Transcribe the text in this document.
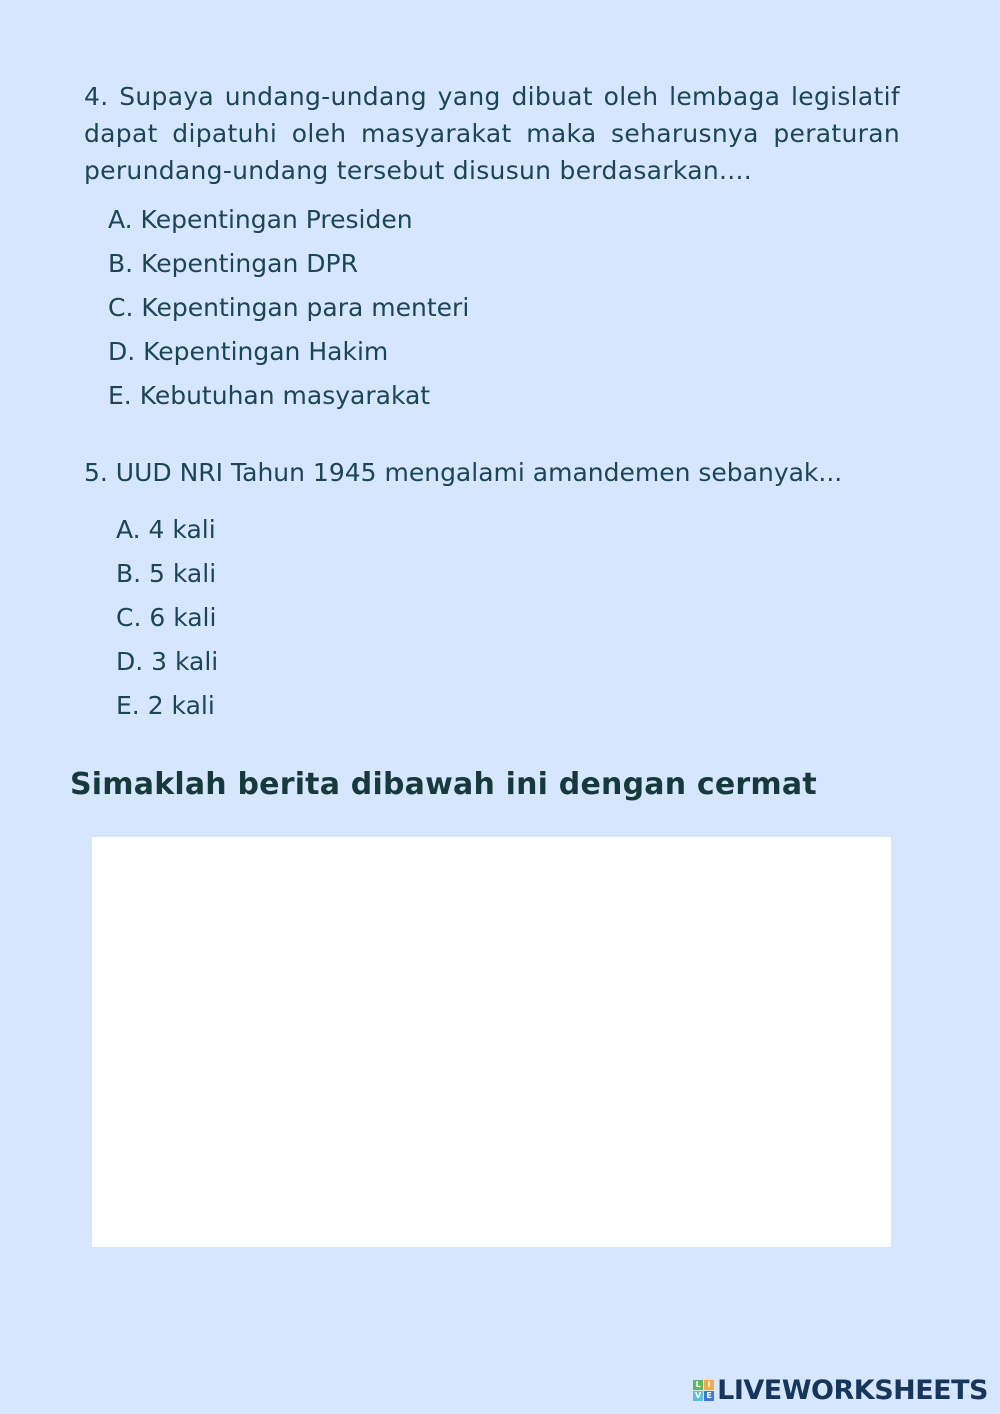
4. Supaya undang-undang yang dibuat oleh lembaga legislatif dapat dipatuhi oleh masyarakat maka seharusnya peraturan perundang-undang tersebut disusun berdasarkan....
A. Kepentingan Presiden
B. Kepentingan DPR
C. Kepentingan para menteri
D. Kepentingan Hakim
E. Kebutuhan masyarakat
5. UUD NRI Tahun 1945 mengalami amandemen sebanyak...
A. 4 kali
B. 5 kali
C. 6 kali
D. 3 kali
E. 2 kali
Simaklah berita dibawah ini dengan cermat
L I
V E LIVEWORKSHEETS
